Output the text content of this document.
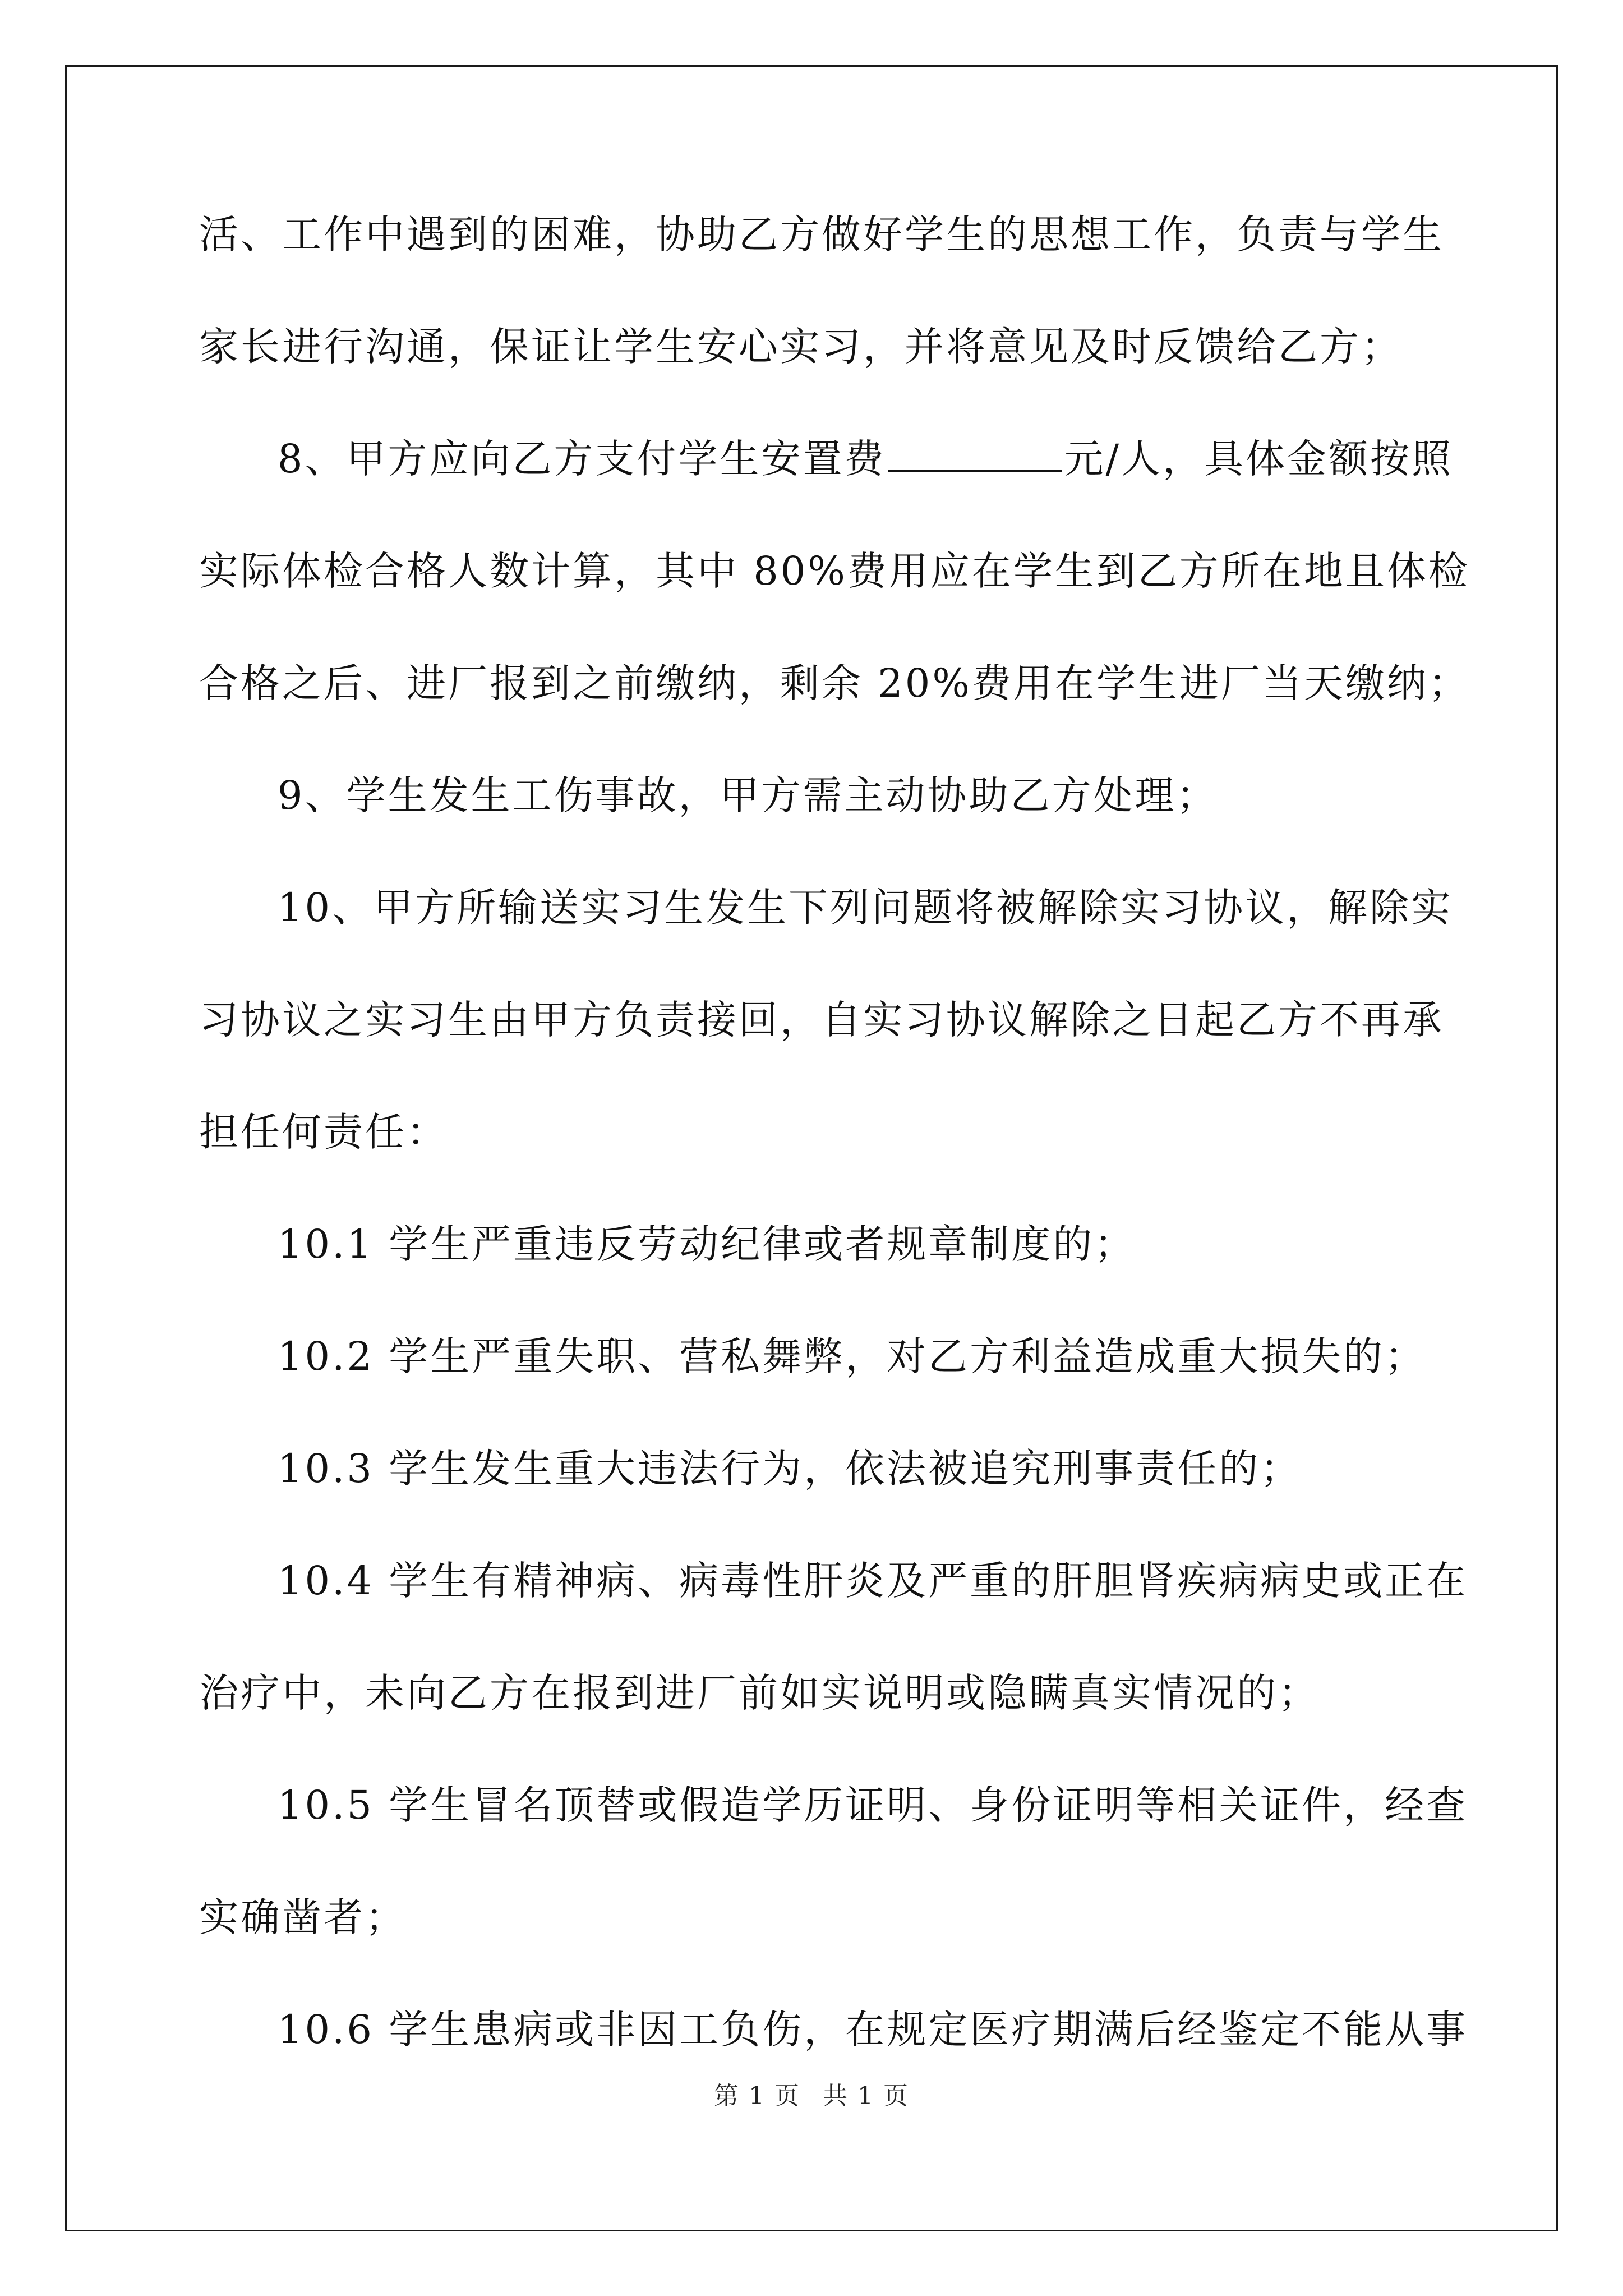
活、工作中遇到的困难，协助乙方做好学生的思想工作，负责与学生
家长进行沟通，保证让学生安心实习，并将意见及时反馈给乙方；
8、甲方应向乙方支付学生安置费	元/人，具体金额按照
实际体检合格人数计算，其中 80%费用应在学生到乙方所在地且体检
合格之后、进厂报到之前缴纳，剩余 20%费用在学生进厂当天缴纳；
9、学生发生工伤事故，甲方需主动协助乙方处理；
10、甲方所输送实习生发生下列问题将被解除实习协议，解除实
习协议之实习生由甲方负责接回，自实习协议解除之日起乙方不再承
担任何责任：
10.1 学生严重违反劳动纪律或者规章制度的；
10.2 学生严重失职、营私舞弊，对乙方利益造成重大损失的；
10.3 学生发生重大违法行为，依法被追究刑事责任的；
10.4 学生有精神病、病毒性肝炎及严重的肝胆肾疾病病史或正在
治疗中，未向乙方在报到进厂前如实说明或隐瞒真实情况的；
10.5 学生冒名顶替或假造学历证明、身份证明等相关证件，经查
实确凿者；
10.6 学生患病或非因工负伤，在规定医疗期满后经鉴定不能从事
第 1 页 共 1 页
